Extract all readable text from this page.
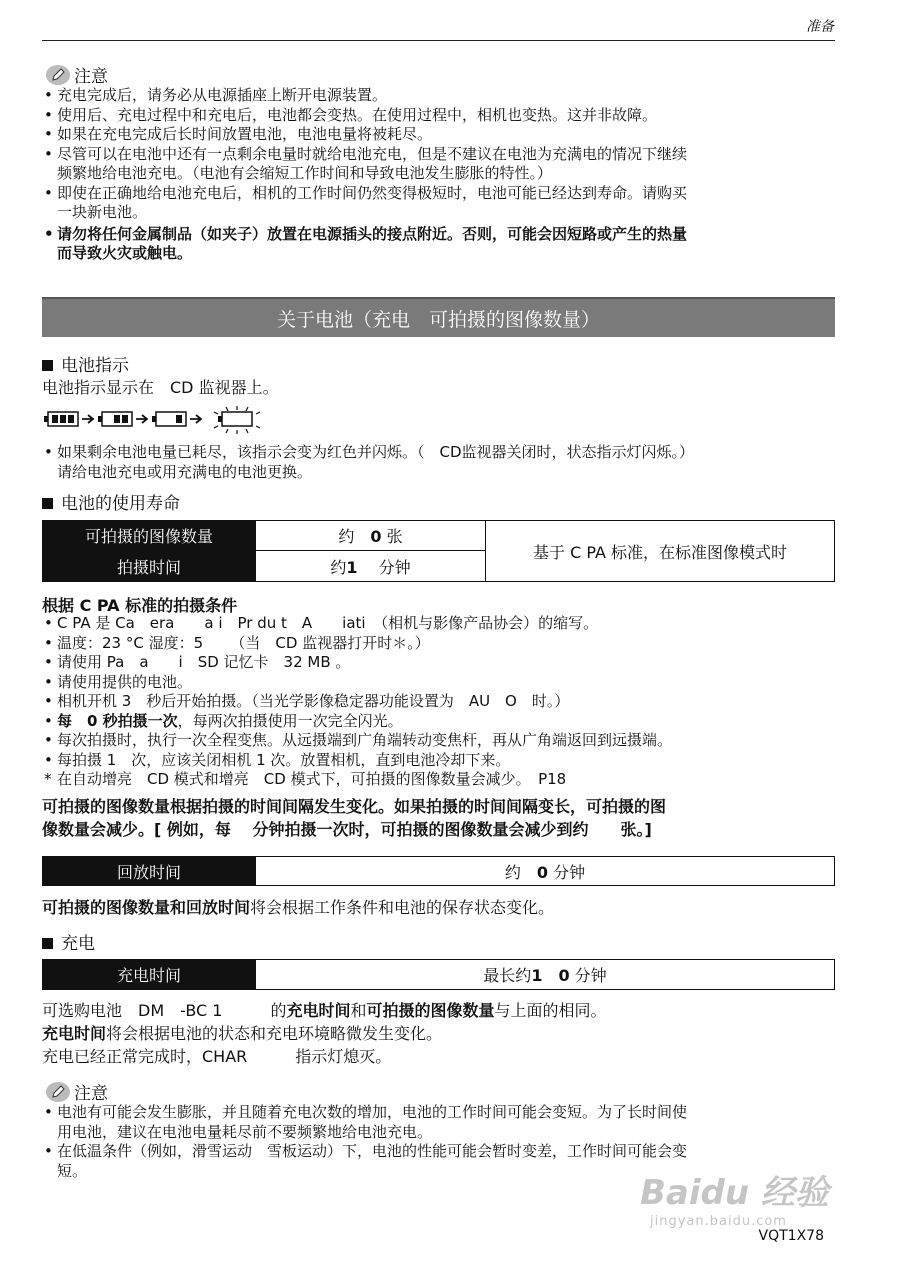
准备
注意
• 充电完成后，请务必从电源插座上断开电源装置。
• 使用后、充电过程中和充电后，电池都会变热。在使用过程中，相机也变热。这并非故障。
• 如果在充电完成后长时间放置电池，电池电量将被耗尽。
• 尽管可以在电池中还有一点剩余电量时就给电池充电，但是不建议在电池为充满电的情况下继续
频繁地给电池充电。（电池有会缩短工作时间和导致电池发生膨胀的特性。）
• 即使在正确地给电池充电后，相机的工作时间仍然变得极短时，电池可能已经达到寿命。请购买
一块新电池。
• 请勿将任何金属制品（如夹子）放置在电源插头的接点附近。否则，可能会因短路或产生的热量
而导致火灾或触电。
关于电池（充电　可拍摄的图像数量）
电池指示
电池指示显示在　CD 监视器上。
• 如果剩余电池电量已耗尽，该指示会变为红色并闪烁。（　CD监视器关闭时，状态指示灯闪烁。）
请给电池充电或用充满电的电池更换。
电池的使用寿命
可拍摄的图像数量	约　0 张	基于 C PA 标准，在标准图像模式时
拍摄时间	约1　 分钟	
根据 C PA 标准的拍摄条件
• C PA 是 Ca　era　　a i　Pr du t　A　　iati　（相机与影像产品协会）的缩写。
• 温度：23 °C 湿度：5　 　（当　CD 监视器打开时＊。）
• 请使用 Pa　a　　i　SD 记忆卡　32 MB 。
• 请使用提供的电池。
• 相机开机 3　秒后开始拍摄。（当光学影像稳定器功能设置为　AU　O　时。）
• 每　0 秒拍摄一次，每两次拍摄使用一次完全闪光。
• 每次拍摄时，执行一次全程变焦。从远摄端到广角端转动变焦杆，再从广角端返回到远摄端。
• 每拍摄 1　次，应该关闭相机 1 次。放置相机，直到电池冷却下来。
* 在自动增亮　CD 模式和增亮　CD 模式下，可拍摄的图像数量会减少。　P18
可拍摄的图像数量根据拍摄的时间间隔发生变化。如果拍摄的时间间隔变长，可拍摄的图
像数量会减少。[ 例如，每　 分钟拍摄一次时，可拍摄的图像数量会减少到约　　张。]
回放时间	约　0 分钟
可拍摄的图像数量和回放时间将会根据工作条件和电池的保存状态变化。
充电
充电时间	最长约1　0 分钟
可选购电池　DM　-BC 1　　　的充电时间和可拍摄的图像数量与上面的相同。
充电时间将会根据电池的状态和充电环境略微发生变化。
充电已经正常完成时，CHAR　　　指示灯熄灭。
注意
• 电池有可能会发生膨胀，并且随着充电次数的增加，电池的工作时间可能会变短。为了长时间使
用电池，建议在电池电量耗尽前不要频繁地给电池充电。
• 在低温条件（例如，滑雪运动　雪板运动）下，电池的性能可能会暂时变差，工作时间可能会变
短。
Baidu 经验
jingyan.baidu.com
VQT1X78
